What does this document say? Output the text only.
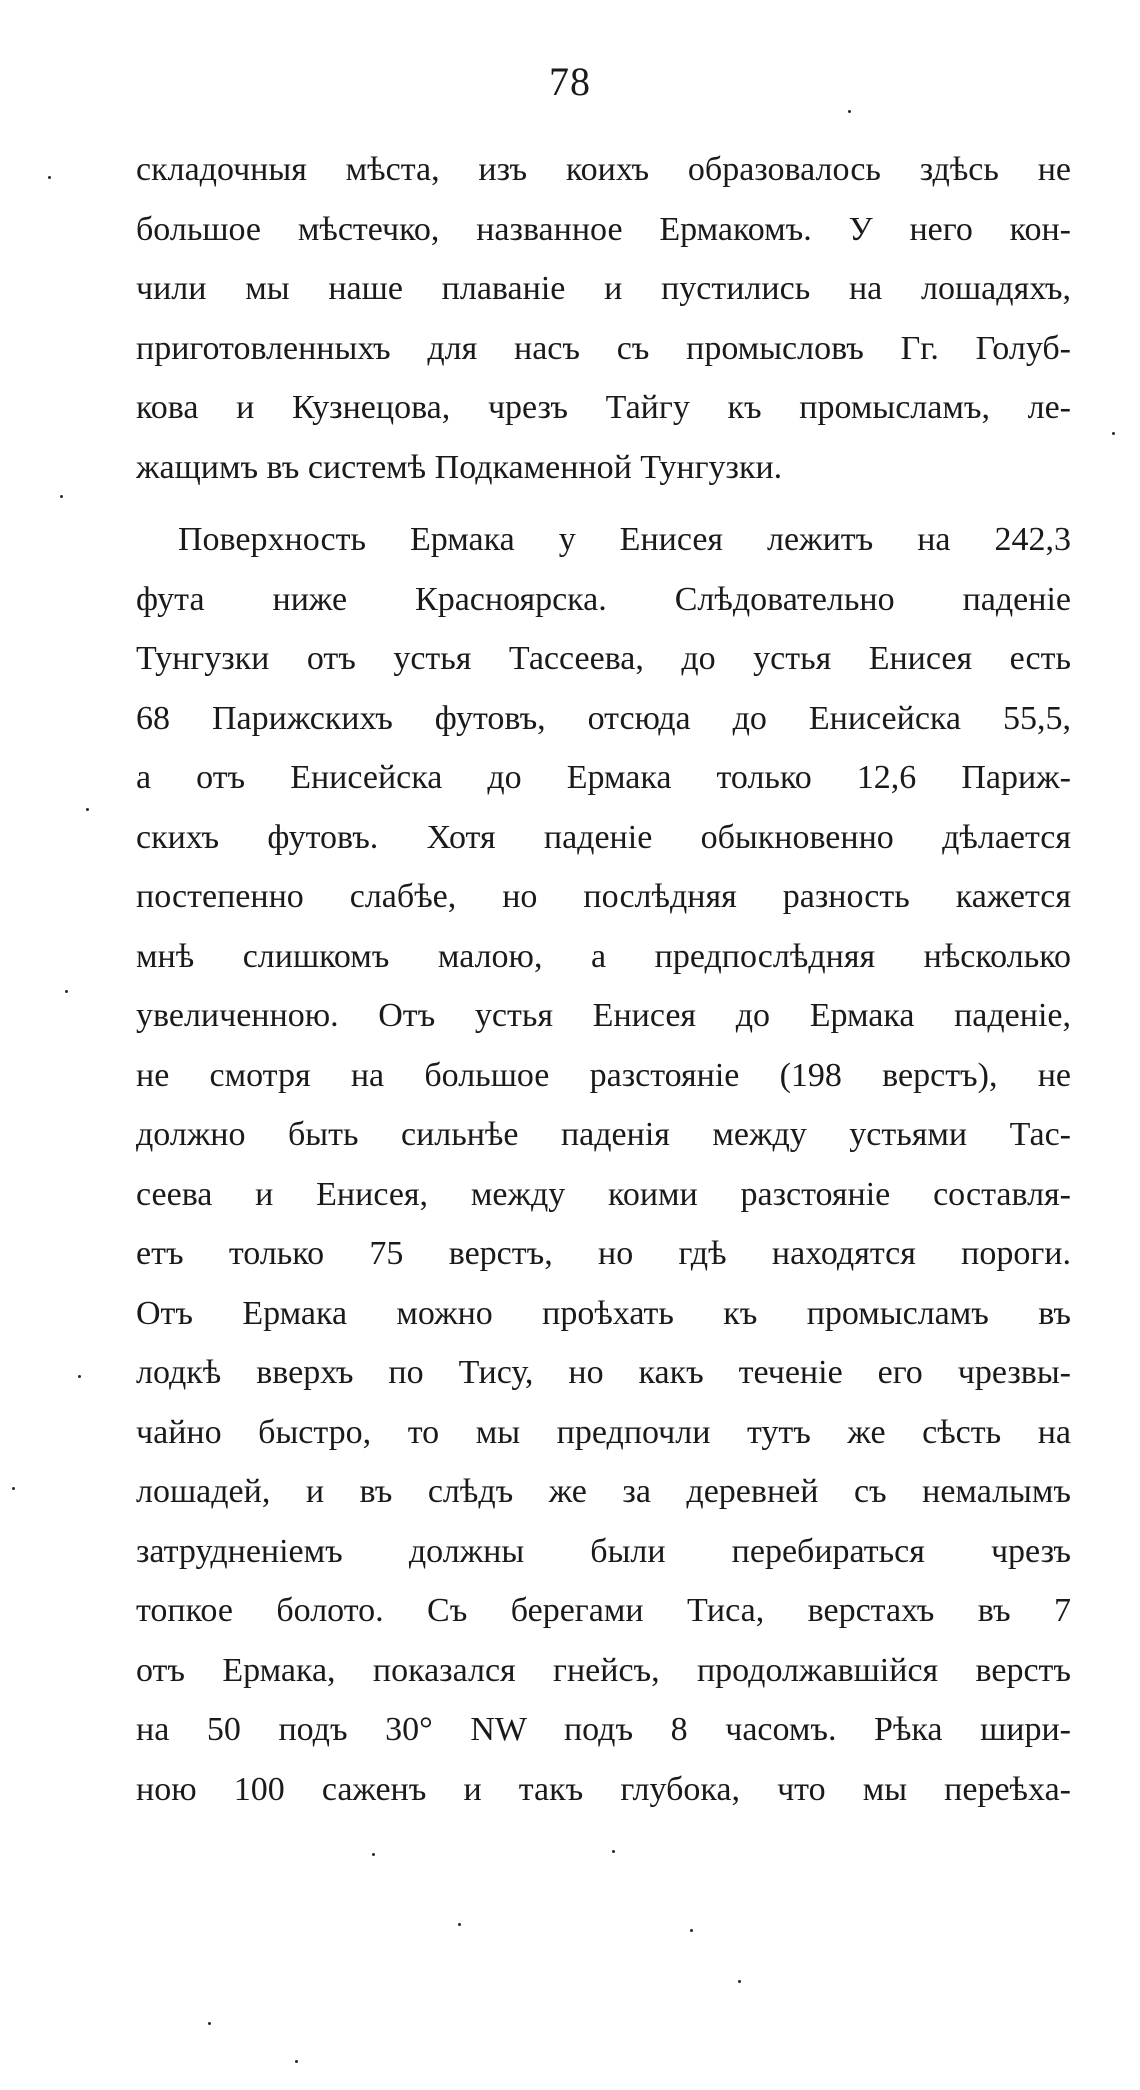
78
складочныя мѣста, изъ коихъ образовалось здѣсь не
большое мѣстечко, названное Ермакомъ. У него кон-
чили мы наше плаваніе и пустились на лошадяхъ,
приготовленныхъ для насъ съ промысловъ Гг. Голуб-
кова и Кузнецова, чрезъ Тайгу къ промысламъ, ле-
жащимъ въ системѣ Подкаменной Тунгузки.
Поверхность Ермака у Енисея лежитъ на 242,3
фута ниже Красноярска. Слѣдовательно паденіе
Тунгузки отъ устья Тассеева, до устья Енисея есть
68 Парижскихъ футовъ, отсюда до Енисейска 55,5,
а отъ Енисейска до Ермака только 12,6 Париж-
скихъ футовъ. Хотя паденіе обыкновенно дѣлается
постепенно слабѣе, но послѣдняя разность кажется
мнѣ слишкомъ малою, а предпослѣдняя нѣсколько
увеличенною. Отъ устья Енисея до Ермака паденіе,
не смотря на большое разстояніе (198 верстъ), не
должно быть сильнѣе паденія между устьями Тас-
сеева и Енисея, между коими разстояніе составля-
етъ только 75 верстъ, но гдѣ находятся пороги.
Отъ Ермака можно проѣхать къ промысламъ въ
лодкѣ вверхъ по Тису, но какъ теченіе его чрезвы-
чайно быстро, то мы предпочли тутъ же сѣсть на
лошадей, и въ слѣдъ же за деревней съ немалымъ
затрудненіемъ должны были перебираться чрезъ
топкое болото. Съ берегами Тиса, верстахъ въ 7
отъ Ермака, показался гнейсъ, продолжавшійся верстъ
на 50 подъ 30° NW подъ 8 часомъ. Рѣка шири-
ною 100 саженъ и такъ глубока, что мы переѣха-
